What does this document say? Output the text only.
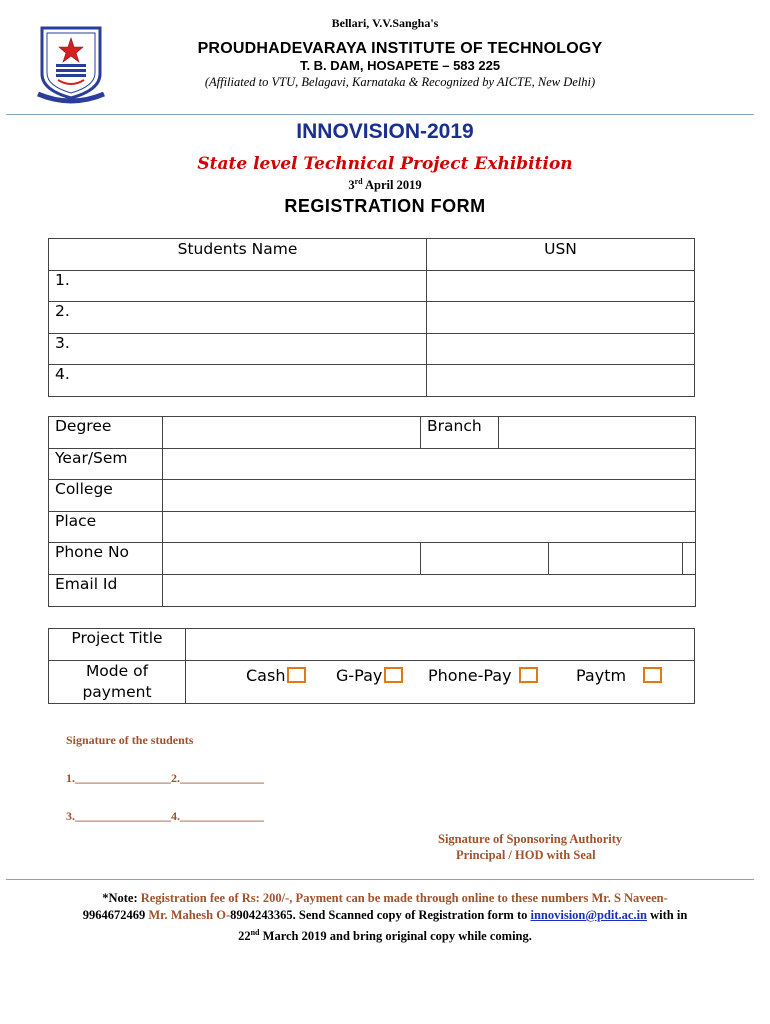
Bellari, V.V.Sangha's
PROUDHADEVARAYA INSTITUTE OF TECHNOLOGY
T. B. DAM, HOSAPETE – 583 225
(Affiliated to VTU, Belagavi, Karnataka & Recognized by AICTE, New Delhi)
INNOVISION-2019
State level Technical Project Exhibition
3rd April 2019
REGISTRATION FORM
Students Name	USN
1.	
2.	
3.	
4.	
Degree		Branch			
Year/Sem					
College					
Place					
Phone No					
Email Id					
Project Title	
Mode of
payment	
Cash	G-Pay	Phone-Pay	Paytm
Signature of the students
1.________________2.______________
3.________________4.______________
Signature of Sponsoring Authority
Principal / HOD with Seal
*Note: Registration fee of Rs: 200/-, Payment can be made through online to these numbers Mr. S Naveen-
9964672469 Mr. Mahesh O-8904243365. Send Scanned copy of Registration form to innovision@pdit.ac.in with in
22nd March 2019 and bring original copy while coming.
